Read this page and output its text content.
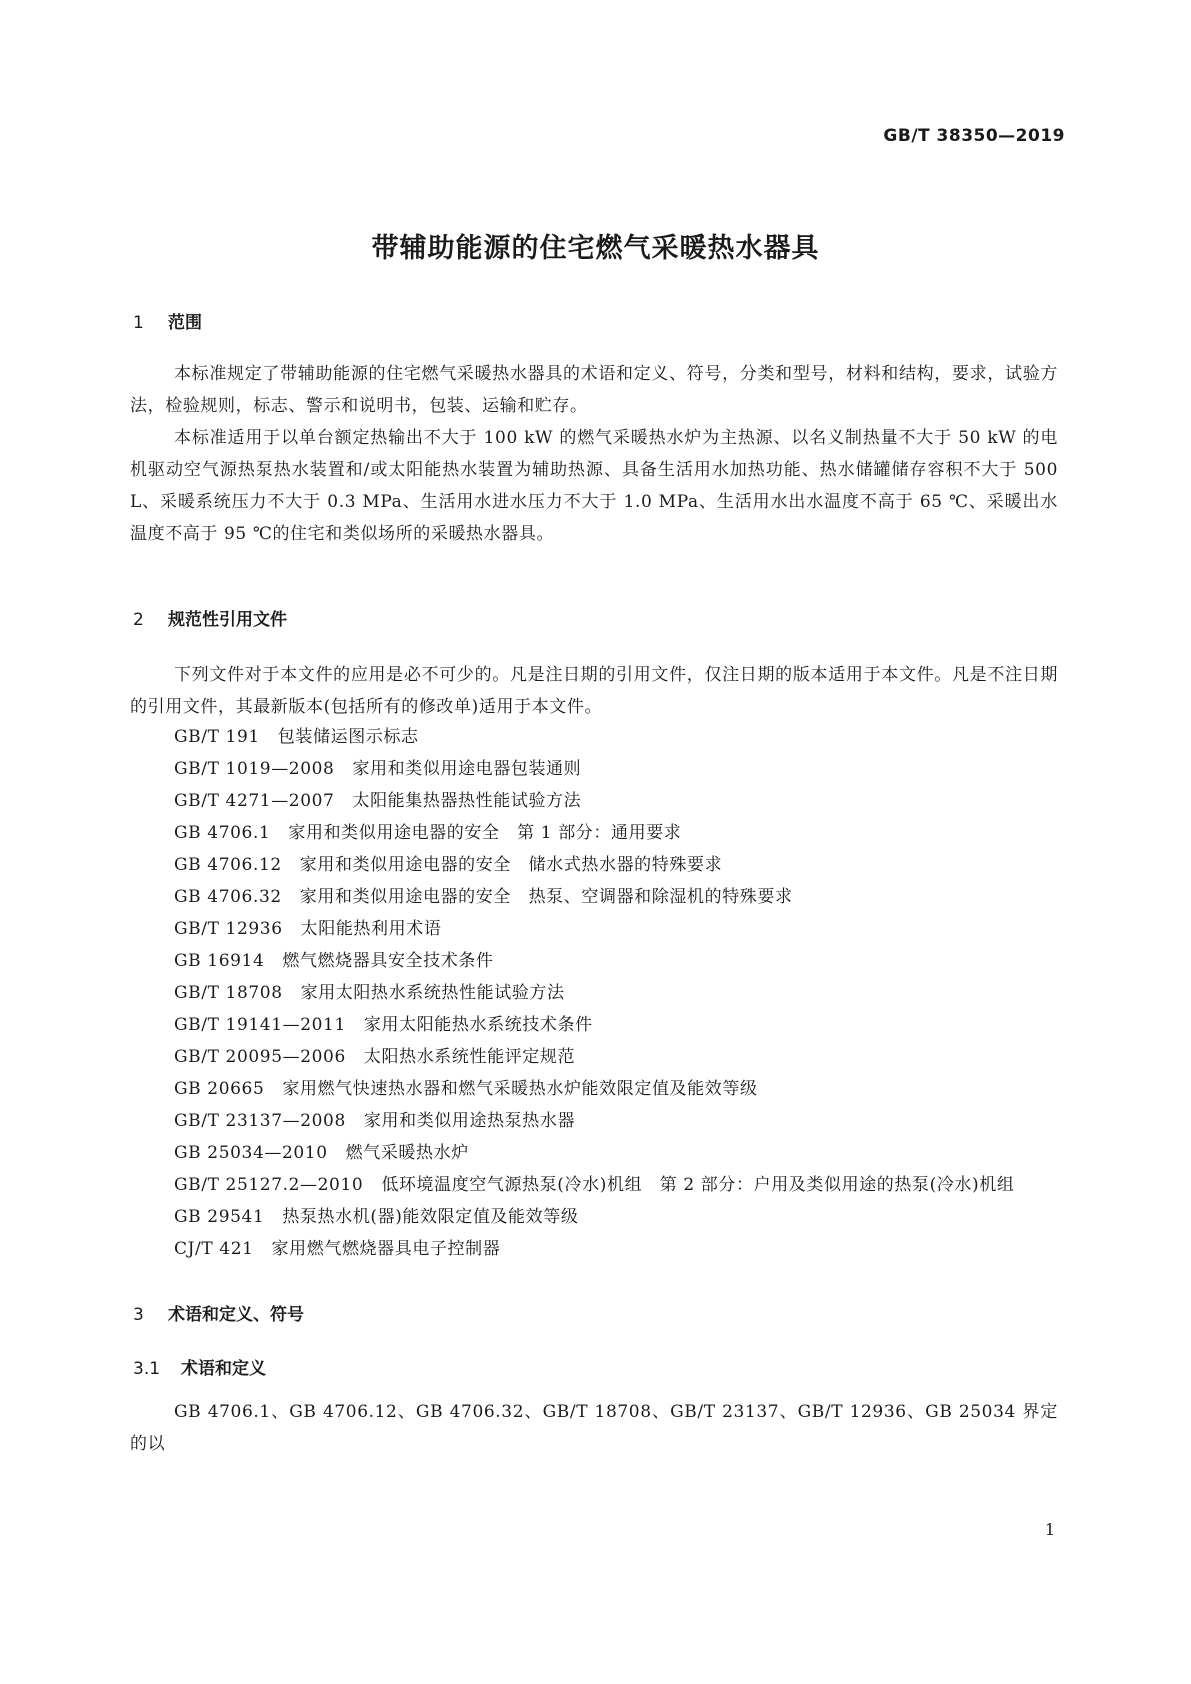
GB/T 38350—2019
带辅助能源的住宅燃气采暖热水器具
1 范围
本标准规定了带辅助能源的住宅燃气采暖热水器具的术语和定义、符号，分类和型号，材料和结构，要求，试验方法，检验规则，标志、警示和说明书，包装、运输和贮存。
本标准适用于以单台额定热输出不大于 100 kW 的燃气采暖热水炉为主热源、以名义制热量不大于 50 kW 的电机驱动空气源热泵热水装置和/或太阳能热水装置为辅助热源、具备生活用水加热功能、热水储罐储存容积不大于 500 L、采暖系统压力不大于 0.3 MPa、生活用水进水压力不大于 1.0 MPa、生活用水出水温度不高于 65 ℃、采暖出水温度不高于 95 ℃的住宅和类似场所的采暖热水器具。
2 规范性引用文件
下列文件对于本文件的应用是必不可少的。凡是注日期的引用文件，仅注日期的版本适用于本文件。凡是不注日期的引用文件，其最新版本(包括所有的修改单)适用于本文件。
GB/T 191 包装储运图示标志
GB/T 1019—2008 家用和类似用途电器包装通则
GB/T 4271—2007 太阳能集热器热性能试验方法
GB 4706.1 家用和类似用途电器的安全　第 1 部分：通用要求
GB 4706.12 家用和类似用途电器的安全　储水式热水器的特殊要求
GB 4706.32 家用和类似用途电器的安全　热泵、空调器和除湿机的特殊要求
GB/T 12936 太阳能热利用术语
GB 16914 燃气燃烧器具安全技术条件
GB/T 18708 家用太阳热水系统热性能试验方法
GB/T 19141—2011 家用太阳能热水系统技术条件
GB/T 20095—2006 太阳热水系统性能评定规范
GB 20665 家用燃气快速热水器和燃气采暖热水炉能效限定值及能效等级
GB/T 23137—2008 家用和类似用途热泵热水器
GB 25034—2010 燃气采暖热水炉
GB/T 25127.2—2010 低环境温度空气源热泵(冷水)机组　第 2 部分：户用及类似用途的热泵(冷水)机组
GB 29541 热泵热水机(器)能效限定值及能效等级
CJ/T 421 家用燃气燃烧器具电子控制器
3 术语和定义、符号
3.1 术语和定义
GB 4706.1、GB 4706.12、GB 4706.32、GB/T 18708、GB/T 23137、GB/T 12936、GB 25034 界定的以
1
